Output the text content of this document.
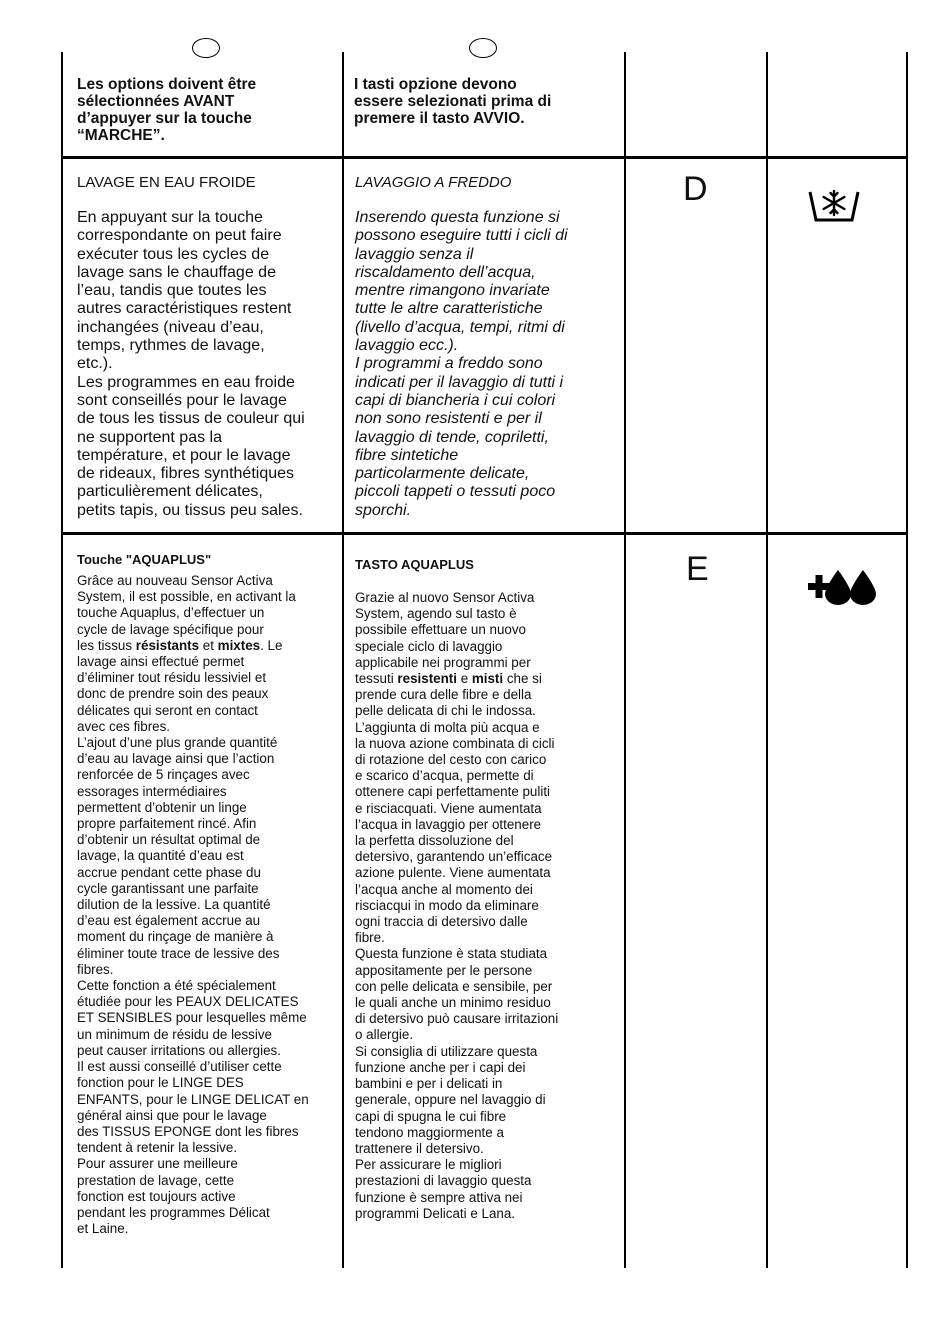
Les options doivent être
sélectionnées AVANT
d’appuyer sur la touche
“MARCHE”.

I tasti opzione devono
essere selezionati prima di
premere il tasto AVVIO.

LAVAGE EN EAU FROIDE

En appuyant sur la touche
correspondante on peut faire
exécuter tous les cycles de
lavage sans le chauffage de
l’eau, tandis que toutes les
autres caractéristiques restent
inchangées (niveau d’eau,
temps, rythmes de lavage,
etc.).
Les programmes en eau froide
sont conseillés pour le lavage
de tous les tissus de couleur qui
ne supportent pas la
température, et pour le lavage
de rideaux, fibres synthétiques
particulièrement délicates,
petits tapis, ou tissus peu sales.

LAVAGGIO A FREDDO

Inserendo questa funzione si
possono eseguire tutti i cicli di
lavaggio senza il
riscaldamento dell’acqua,
mentre rimangono invariate
tutte le altre caratteristiche
(livello d’acqua, tempi, ritmi di
lavaggio ecc.).
I programmi a freddo sono
indicati per il lavaggio di tutti i
capi di biancheria i cui colori
non sono resistenti e per il
lavaggio di tende, copriletti,
fibre sintetiche
particolarmente delicate,
piccoli tappeti o tessuti poco
sporchi.

D

Touche "AQUAPLUS"

Grâce au nouveau Sensor Activa
System, il est possible, en activant la
touche Aquaplus, d’effectuer un
cycle de lavage spécifique pour
les tissus résistants et mixtes. Le
lavage ainsi effectué permet
d’éliminer tout résidu lessiviel et
donc de prendre soin des peaux
délicates qui seront en contact
avec ces fibres.
L’ajout d’une plus grande quantité
d’eau au lavage ainsi que l’action
renforcée de 5 rinçages avec
essorages intermédiaires
permettent d’obtenir un linge
propre parfaitement rincé. Afin
d’obtenir un résultat optimal de
lavage, la quantité d’eau est
accrue pendant cette phase du
cycle garantissant une parfaite
dilution de la lessive. La quantité
d’eau est également accrue au
moment du rinçage de manière à
éliminer toute trace de lessive des
fibres.
Cette fonction a été spécialement
étudiée pour les PEAUX DELICATES
ET SENSIBLES pour lesquelles même
un minimum de résidu de lessive
peut causer irritations ou allergies.
Il est aussi conseillé d’utiliser cette
fonction pour le LINGE DES
ENFANTS, pour le LINGE DELICAT en
général ainsi que pour le lavage
des TISSUS EPONGE dont les fibres
tendent à retenir la lessive.
Pour assurer une meilleure
prestation de lavage, cette
fonction est toujours active
pendant les programmes Délicat
et Laine.

TASTO AQUAPLUS

Grazie al nuovo Sensor Activa
System, agendo sul tasto è
possibile effettuare un nuovo
speciale ciclo di lavaggio
applicabile nei programmi per
tessuti resistenti e misti che si
prende cura delle fibre e della
pelle delicata di chi le indossa.
L’aggiunta di molta più acqua e
la nuova azione combinata di cicli
di rotazione del cesto con carico
e scarico d’acqua, permette di
ottenere capi perfettamente puliti
e risciacquati. Viene aumentata
l’acqua in lavaggio per ottenere
la perfetta dissoluzione del
detersivo, garantendo un’efficace
azione pulente. Viene aumentata
l’acqua anche al momento dei
risciacqui in modo da eliminare
ogni traccia di detersivo dalle
fibre.
Questa funzione è stata studiata
appositamente per le persone
con pelle delicata e sensibile, per
le quali anche un minimo residuo
di detersivo può causare irritazioni
o allergie.
Si consiglia di utilizzare questa
funzione anche per i capi dei
bambini e per i delicati in
generale, oppure nel lavaggio di
capi di spugna le cui fibre
tendono maggiormente a
trattenere il detersivo.
Per assicurare le migliori
prestazioni di lavaggio questa
funzione è sempre attiva nei
programmi Delicati e Lana.

E
